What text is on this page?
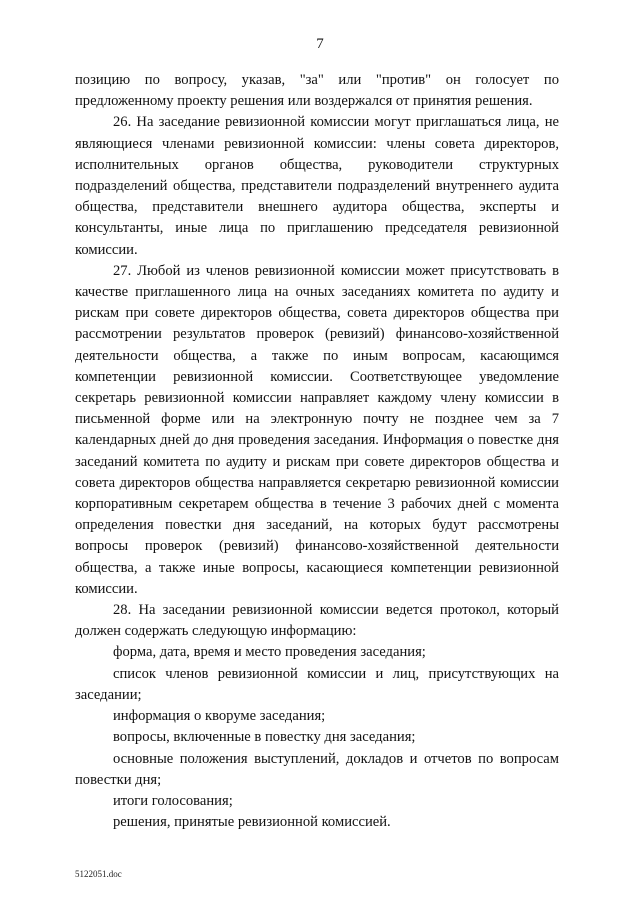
7

позицию по вопросу, указав, "за" или "против" он голосует по предложенному проекту решения или воздержался от принятия решения.

26. На заседание ревизионной комиссии могут приглашаться лица, не являющиеся членами ревизионной комиссии: члены совета директоров, исполнительных органов общества, руководители структурных подразделений общества, представители подразделений внутреннего аудита общества, представители внешнего аудитора общества, эксперты и консультанты, иные лица по приглашению председателя ревизионной комиссии.

27. Любой из членов ревизионной комиссии может присутствовать в качестве приглашенного лица на очных заседаниях комитета по аудиту и рискам при совете директоров общества, совета директоров общества при рассмотрении результатов проверок (ревизий) финансово-хозяйственной деятельности общества, а также по иным вопросам, касающимся компетенции ревизионной комиссии. Соответствующее уведомление секретарь ревизионной комиссии направляет каждому члену комиссии в письменной форме или на электронную почту не позднее чем за 7 календарных дней до дня проведения заседания. Информация о повестке дня заседаний комитета по аудиту и рискам при совете директоров общества и совета директоров общества направляется секретарю ревизионной комиссии корпоративным секретарем общества в течение 3 рабочих дней с момента определения повестки дня заседаний, на которых будут рассмотрены вопросы проверок (ревизий) финансово-хозяйственной деятельности общества, а также иные вопросы, касающиеся компетенции ревизионной комиссии.

28. На заседании ревизионной комиссии ведется протокол, который должен содержать следующую информацию:

форма, дата, время и место проведения заседания;

список членов ревизионной комиссии и лиц, присутствующих на заседании;

информация о кворуме заседания;

вопросы, включенные в повестку дня заседания;

основные положения выступлений, докладов и отчетов по вопросам повестки дня;

итоги голосования;

решения, принятые ревизионной комиссией.

5122051.doc
